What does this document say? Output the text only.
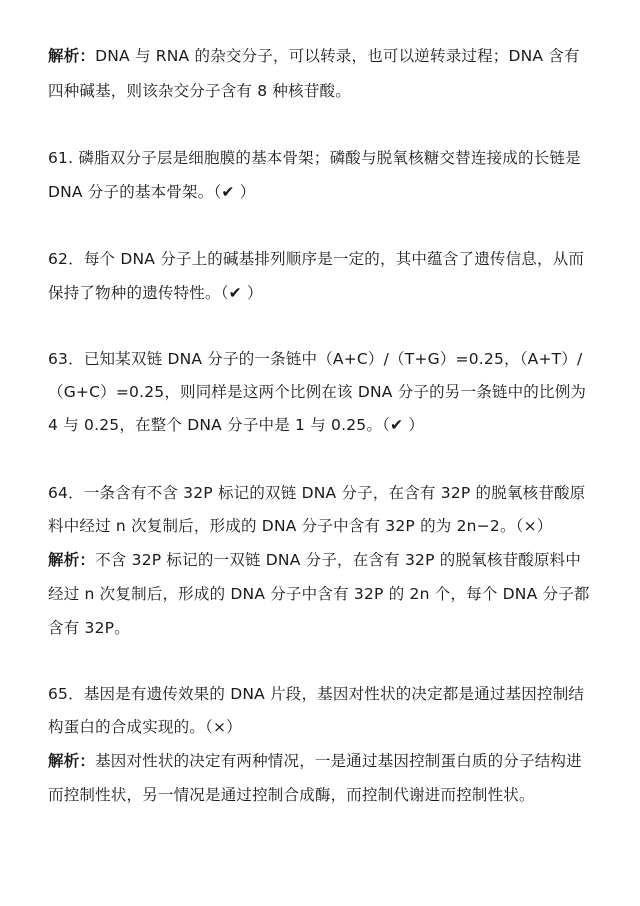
解析：DNA 与 RNA 的杂交分子，可以转录，也可以逆转录过程；DNA 含有
四种碱基，则该杂交分子含有 8 种核苷酸。
61. 磷脂双分子层是细胞膜的基本骨架；磷酸与脱氧核糖交替连接成的长链是
DNA 分子的基本骨架。（✔ ）
62．每个 DNA 分子上的碱基排列顺序是一定的，其中蕴含了遗传信息，从而
保持了物种的遗传特性。（✔ ）
63．已知某双链 DNA 分子的一条链中（A+C）/（T+G）=0.25，（A+T）/
（G+C）=0.25，则同样是这两个比例在该 DNA 分子的另一条链中的比例为
4 与 0.25，在整个 DNA 分子中是 1 与 0.25。（✔ ）
64．一条含有不含 32P 标记的双链 DNA 分子，在含有 32P 的脱氧核苷酸原
料中经过 n 次复制后，形成的 DNA 分子中含有 32P 的为 2n−2。（×）
解析：不含 32P 标记的一双链 DNA 分子，在含有 32P 的脱氧核苷酸原料中
经过 n 次复制后，形成的 DNA 分子中含有 32P 的 2n 个，每个 DNA 分子都
含有 32P。
65．基因是有遗传效果的 DNA 片段，基因对性状的决定都是通过基因控制结
构蛋白的合成实现的。（×）
解析：基因对性状的决定有两种情况，一是通过基因控制蛋白质的分子结构进
而控制性状，另一情况是通过控制合成酶，而控制代谢进而控制性状。
